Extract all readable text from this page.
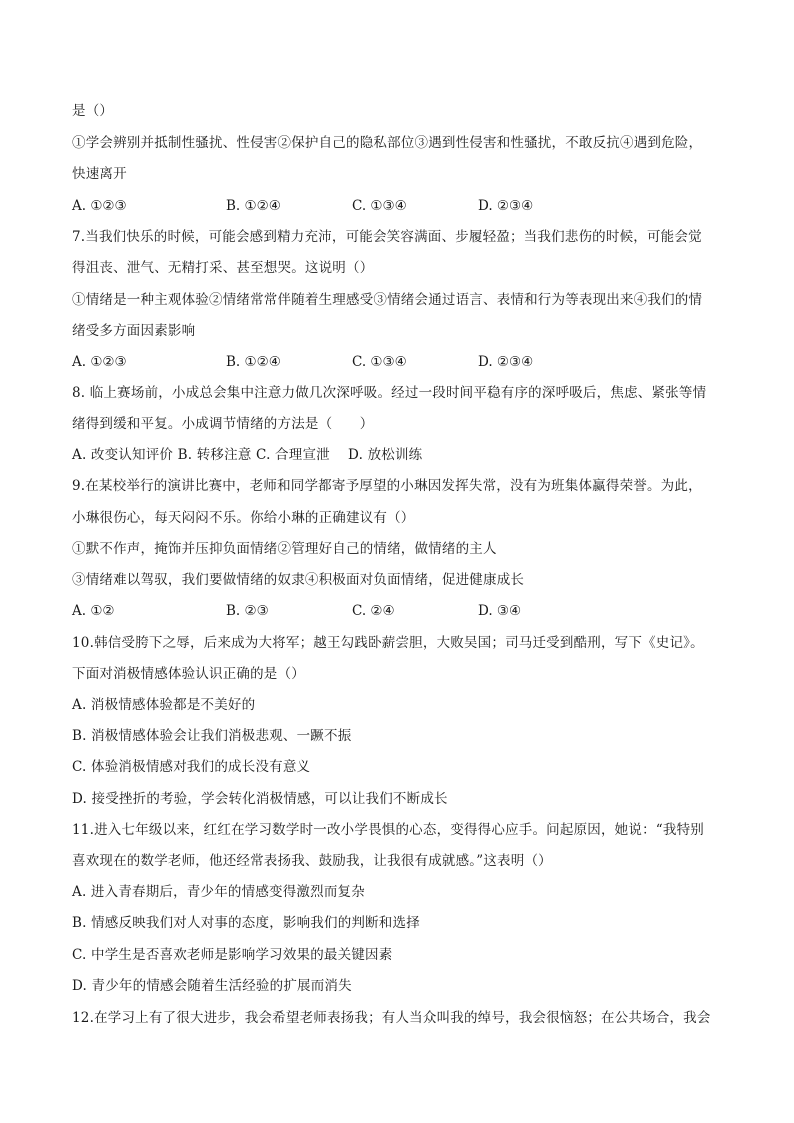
是（）
①学会辨别并抵制性骚扰、性侵害②保护自己的隐私部位③遇到性侵害和性骚扰，不敢反抗④遇到危险，
快速离开
A. ①②③	B. ①②④	C. ①③④	D. ②③④
7.当我们快乐的时候，可能会感到精力充沛，可能会笑容满面、步履轻盈；当我们悲伤的时候，可能会觉
得沮丧、泄气、无精打采、甚至想哭。这说明（）
①情绪是一种主观体验②情绪常常伴随着生理感受③情绪会通过语言、表情和行为等表现出来④我们的情
绪受多方面因素影响
A. ①②③	B. ①②④	C. ①③④	D. ②③④
8. 临上赛场前，小成总会集中注意力做几次深呼吸。经过一段时间平稳有序的深呼吸后，焦虑、紧张等情
绪得到缓和平复。小成调节情绪的方法是（　　）
A. 改变认知评价 B. 转移注意 C. 合理宣泄　 D. 放松训练
9.在某校举行的演讲比赛中，老师和同学都寄予厚望的小琳因发挥失常，没有为班集体赢得荣誉。为此，
小琳很伤心，每天闷闷不乐。你给小琳的正确建议有（）
①默不作声，掩饰并压抑负面情绪②管理好自己的情绪，做情绪的主人
③情绪难以驾驭，我们要做情绪的奴隶④积极面对负面情绪，促进健康成长
A. ①②	B. ②③	C. ②④	D. ③④
10.韩信受胯下之辱，后来成为大将军；越王勾践卧薪尝胆，大败吴国；司马迁受到酷刑，写下《史记》。
下面对消极情感体验认识正确的是（）
A. 消极情感体验都是不美好的
B. 消极情感体验会让我们消极悲观、一蹶不振
C. 体验消极情感对我们的成长没有意义
D. 接受挫折的考验，学会转化消极情感，可以让我们不断成长
11.进入七年级以来，红红在学习数学时一改小学畏惧的心态，变得得心应手。问起原因，她说：“我特别
喜欢现在的数学老师，他还经常表扬我、鼓励我，让我很有成就感。”这表明（）
A. 进入青春期后，青少年的情感变得激烈而复杂
B. 情感反映我们对人对事的态度，影响我们的判断和选择
C. 中学生是否喜欢老师是影响学习效果的最关键因素
D. 青少年的情感会随着生活经验的扩展而消失
12.在学习上有了很大进步，我会希望老师表扬我；有人当众叫我的绰号，我会很恼怒；在公共场合，我会
